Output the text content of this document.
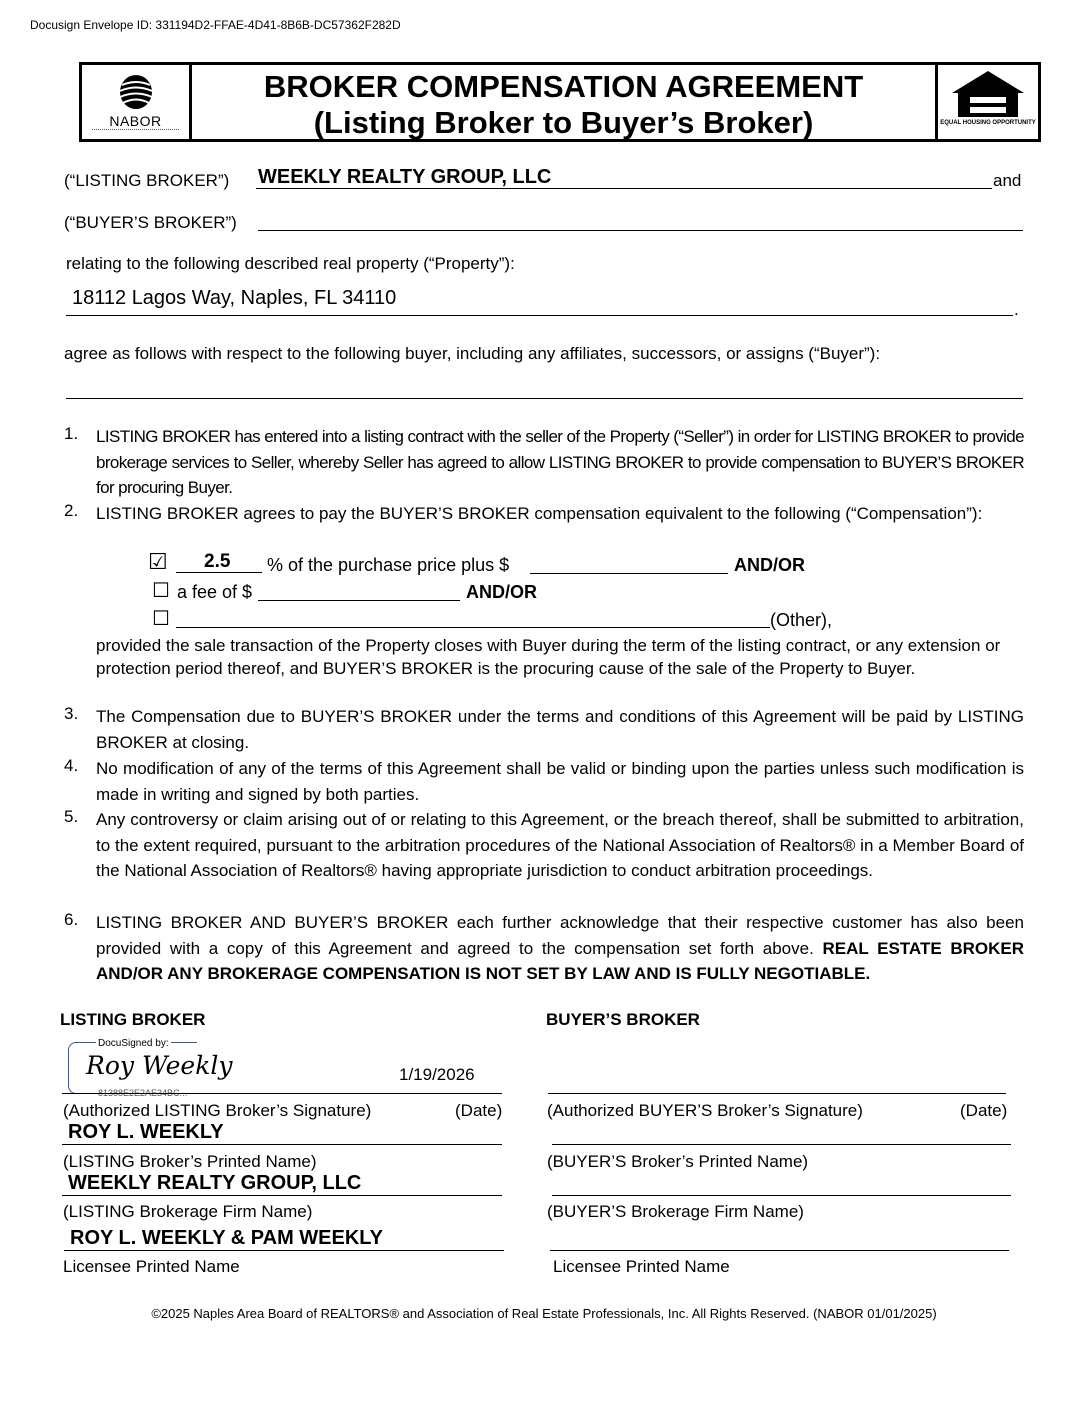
Docusign Envelope ID: 331194D2-FFAE-4D41-8B6B-DC57362F282D
NABOR
BROKER COMPENSATION AGREEMENT
(Listing Broker to Buyer’s Broker)	EQUAL HOUSING OPPORTUNITY
(“LISTING BROKER”) WEEKLY REALTY GROUP, LLC	and
(“BUYER’S BROKER”)
relating to the following described real property (“Property”):
18112 Lagos Way, Naples, FL 34110
.
agree as follows with respect to the following buyer, including any affiliates, successors, or assigns (“Buyer”):
1. LISTING BROKER has entered into a listing contract with the seller of the Property (“Seller”) in order for LISTING BROKER to provide brokerage services to Seller, whereby Seller has agreed to allow LISTING BROKER to provide compensation to BUYER’S BROKER for procuring Buyer.
2. LISTING BROKER agrees to pay the BUYER’S BROKER compensation equivalent to the following (“Compensation”):
☑ 2.5 % of the purchase price plus $	AND/OR
☐ a fee of $	AND/OR
☐	(Other),
provided the sale transaction of the Property closes with Buyer during the term of the listing contract, or any extension or protection period thereof, and BUYER’S BROKER is the procuring cause of the sale of the Property to Buyer.
3. The Compensation due to BUYER’S BROKER under the terms and conditions of this Agreement will be paid by LISTING BROKER at closing.
4. No modification of any of the terms of this Agreement shall be valid or binding upon the parties unless such modification is made in writing and signed by both parties.
5. Any controversy or claim arising out of or relating to this Agreement, or the breach thereof, shall be submitted to arbitration, to the extent required, pursuant to the arbitration procedures of the National Association of Realtors® in a Member Board of the National Association of Realtors® having appropriate jurisdiction to conduct arbitration proceedings.
6. LISTING BROKER AND BUYER’S BROKER each further acknowledge that their respective customer has also been provided with a copy of this Agreement and agreed to the compensation set forth above. REAL ESTATE BROKER AND/OR ANY BROKERAGE COMPENSATION IS NOT SET BY LAW AND IS FULLY NEGOTIABLE.
LISTING BROKER	BUYER’S BROKER
DocuSigned by:
Roy Weekly
81388E2E2AE34BC...
1/19/2026
(Authorized LISTING Broker’s Signature)	(Date)	(Authorized BUYER’S Broker’s Signature)	(Date)
ROY L. WEEKLY
(LISTING Broker’s Printed Name)	(BUYER’S Broker’s Printed Name)
WEEKLY REALTY GROUP, LLC
(LISTING Brokerage Firm Name)	(BUYER’S Brokerage Firm Name)
ROY L. WEEKLY & PAM WEEKLY
Licensee Printed Name	Licensee Printed Name
©2025 Naples Area Board of REALTORS® and Association of Real Estate Professionals, Inc. All Rights Reserved. (NABOR 01/01/2025)
